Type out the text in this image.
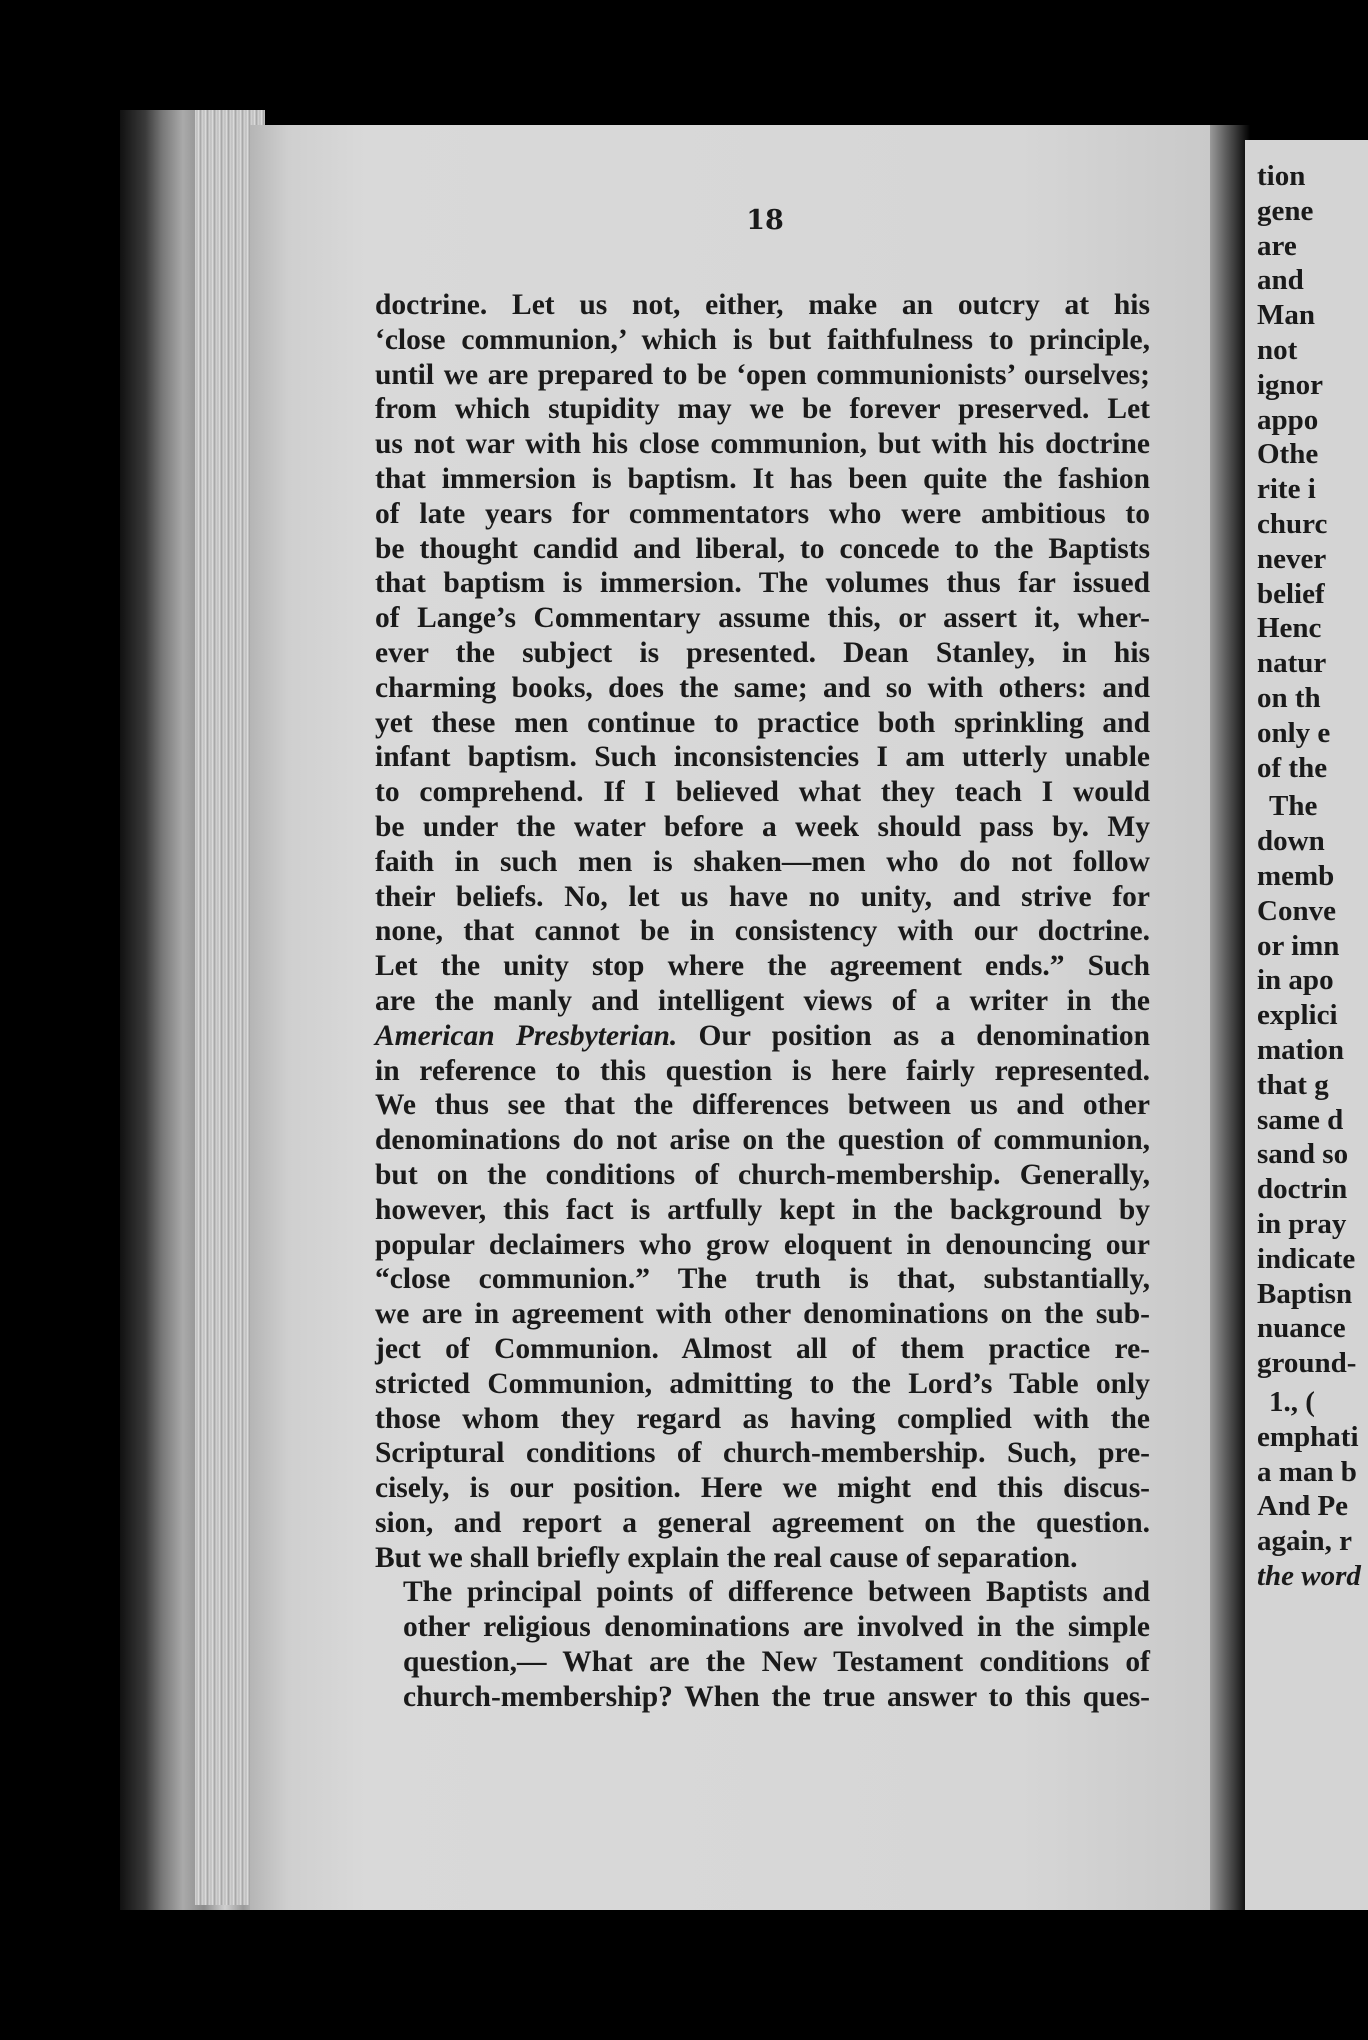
18

doctrine. Let us not, either, make an outcry at his
‘close communion,’ which is but faithfulness to principle,
until we are prepared to be ‘open communionists’ ourselves;
from which stupidity may we be forever preserved. Let
us not war with his close communion, but with his doctrine
that immersion is baptism. It has been quite the fashion
of late years for commentators who were ambitious to
be thought candid and liberal, to concede to the Baptists
that baptism is immersion. The volumes thus far issued
of Lange’s Commentary assume this, or assert it, wher-
ever the subject is presented. Dean Stanley, in his
charming books, does the same; and so with others: and
yet these men continue to practice both sprinkling and
infant baptism. Such inconsistencies I am utterly unable
to comprehend. If I believed what they teach I would
be under the water before a week should pass by. My
faith in such men is shaken—men who do not follow
their beliefs. No, let us have no unity, and strive for
none, that cannot be in consistency with our doctrine.
Let the unity stop where the agreement ends.” Such
are the manly and intelligent views of a writer in the
American Presbyterian. Our position as a denomination
in reference to this question is here fairly represented.
We thus see that the differences between us and other
denominations do not arise on the question of communion,
but on the conditions of church-membership. Generally,
however, this fact is artfully kept in the background by
popular declaimers who grow eloquent in denouncing our
“close communion.” The truth is that, substantially,
we are in agreement with other denominations on the sub-
ject of Communion. Almost all of them practice re-
stricted Communion, admitting to the Lord’s Table only
those whom they regard as having complied with the
Scriptural conditions of church-membership. Such, pre-
cisely, is our position. Here we might end this discus-
sion, and report a general agreement on the question.
But we shall briefly explain the real cause of separation.

The principal points of difference between Baptists and
other religious denominations are involved in the simple
question,— What are the New Testament conditions of
church-membership? When the true answer to this ques-

tion
gene
are
and
Man
not
ignor
appo
Othe
rite i
churc
never
belief
Henc
natur
on th
only e
of the
The
down
memb
Conve
or imn
in apo
explici
mation
that g
same d
sand so
doctrin
in pray
indicate
Baptisn
nuance
ground-
1., (
emphati
a man b
And Pe
again, r
the word
